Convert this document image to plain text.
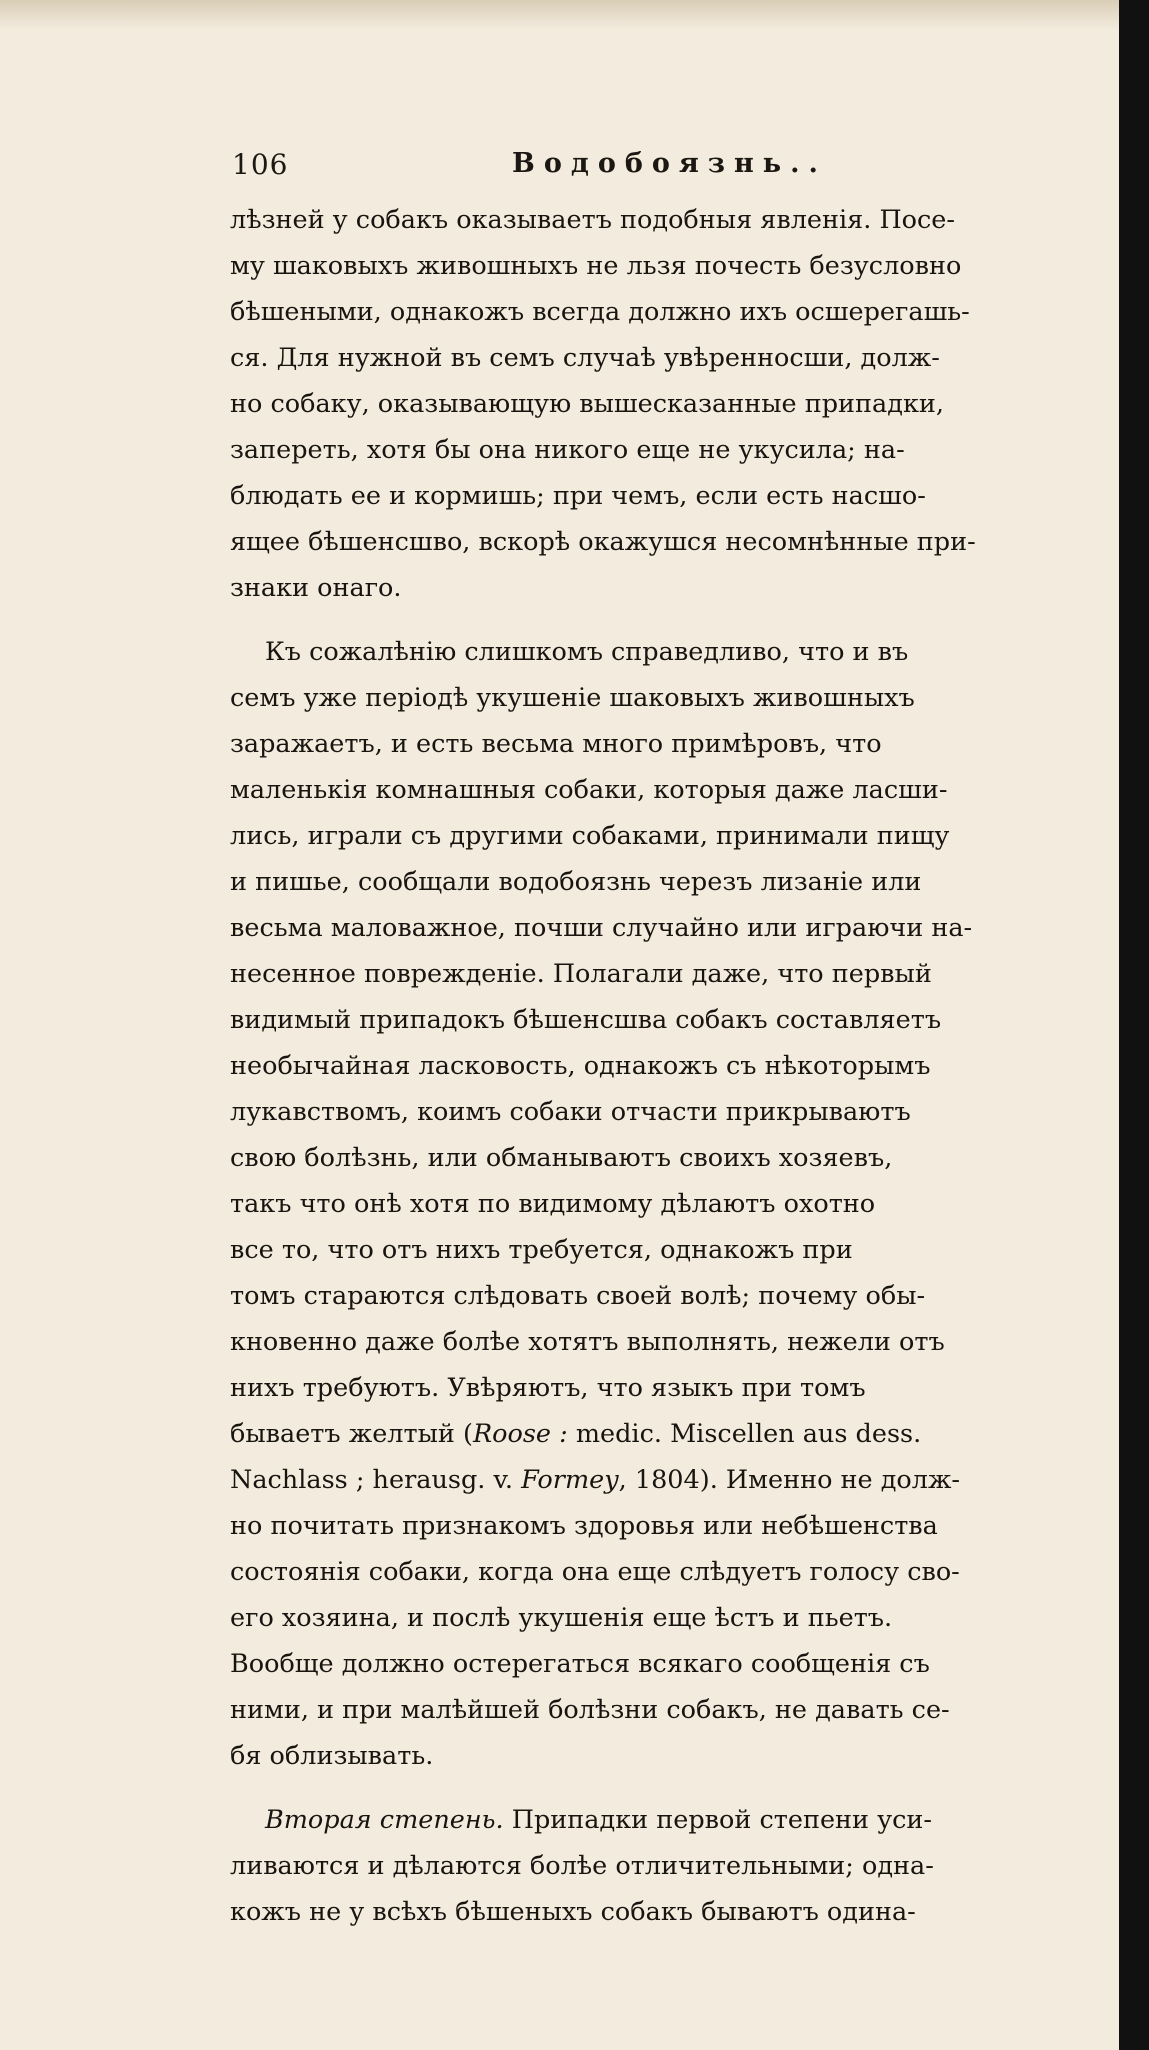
106	Водобоязнь..
лѣзней у собакъ оказываетъ подобныя явленія. Посе-
му шаковыхъ живошныхъ не льзя почесть безусловно
бѣшеными, однакожъ всегда должно ихъ осшерегашь-
ся. Для нужной въ семъ случаѣ увѣренносши, долж-
но собаку, оказывающую вышесказанные припадки,
запереть, хотя бы она никого еще не укусила; на-
блюдать ее и кормишь; при чемъ, если есть насшо-
ящее бѣшенсшво, вскорѣ окажушся несомнѣнные при-
знаки онаго.
Къ сожалѣнію слишкомъ справедливо, что и въ
семъ уже періодѣ укушеніе шаковыхъ живошныхъ
заражаетъ, и есть весьма много примѣровъ, что
маленькія комнашныя собаки, которыя даже ласши-
лись, играли съ другими собаками, принимали пищу
и пишье, сообщали водобоязнь черезъ лизаніе или
весьма маловажное, почши случайно или играючи на-
несенное поврежденіе. Полагали даже, что первый
видимый припадокъ бѣшенсшва собакъ составляетъ
необычайная ласковость, однакожъ съ нѣкоторымъ
лукавствомъ, коимъ собаки отчасти прикрываютъ
свою болѣзнь, или обманываютъ своихъ хозяевъ,
такъ что онѣ хотя по видимому дѣлаютъ охотно
все то, что отъ нихъ требуется, однакожъ при
томъ стараются слѣдовать своей волѣ; почему обы-
кновенно даже болѣе хотятъ выполнять, нежели отъ
нихъ требуютъ. Увѣряютъ, что языкъ при томъ
бываетъ желтый (Roose : medic. Miscellen aus dess.
Nachlass ; herausg. v. Formey, 1804). Именно не долж-
но почитать признакомъ здоровья или небѣшенства
состоянія собаки, когда она еще слѣдуетъ голосу сво-
его хозяина, и послѣ укушенія еще ѣстъ и пьетъ.
Вообще должно остерегаться всякаго сообщенія съ
ними, и при малѣйшей болѣзни собакъ, не давать се-
бя облизывать.
Вторая степень. Припадки первой степени уси-
ливаются и дѣлаются болѣе отличительными; одна-
кожъ не у всѣхъ бѣшеныхъ собакъ бываютъ одина-
